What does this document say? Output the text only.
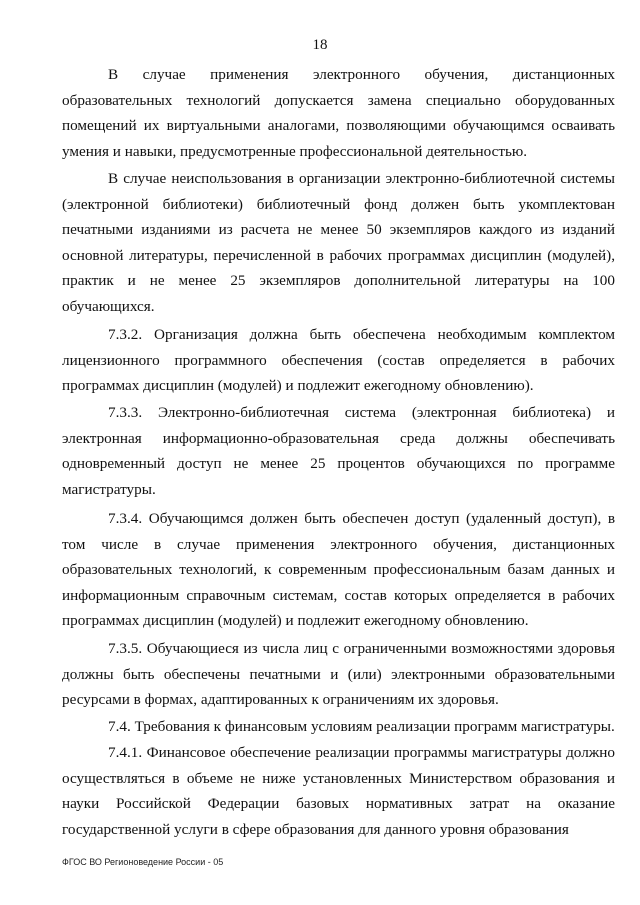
18

В случае применения электронного обучения, дистанционных образовательных технологий допускается замена специально оборудованных помещений их виртуальными аналогами, позволяющими обучающимся осваивать умения и навыки, предусмотренные профессиональной деятельностью.

В случае неиспользования в организации электронно-библиотечной системы (электронной библиотеки) библиотечный фонд должен быть укомплектован печатными изданиями из расчета не менее 50 экземпляров каждого из изданий основной литературы, перечисленной в рабочих программах дисциплин (модулей), практик и не менее 25 экземпляров дополнительной литературы на 100 обучающихся.

7.3.2. Организация должна быть обеспечена необходимым комплектом лицензионного программного обеспечения (состав определяется в рабочих программах дисциплин (модулей) и подлежит ежегодному обновлению).

7.3.3. Электронно-библиотечная система (электронная библиотека) и электронная информационно-образовательная среда должны обеспечивать одновременный доступ не менее 25 процентов обучающихся по программе магистратуры.

7.3.4. Обучающимся должен быть обеспечен доступ (удаленный доступ), в том числе в случае применения электронного обучения, дистанционных образовательных технологий, к современным профессиональным базам данных и информационным справочным системам, состав которых определяется в рабочих программах дисциплин (модулей) и подлежит ежегодному обновлению.

7.3.5. Обучающиеся из числа лиц с ограниченными возможностями здоровья должны быть обеспечены печатными и (или) электронными образовательными ресурсами в формах, адаптированных к ограничениям их здоровья.

7.4. Требования к финансовым условиям реализации программ магистратуры.

7.4.1. Финансовое обеспечение реализации программы магистратуры должно осуществляться в объеме не ниже установленных Министерством образования и науки Российской Федерации базовых нормативных затрат на оказание государственной услуги в сфере образования для данного уровня образования

ФГОС ВО Регионоведение России - 05
